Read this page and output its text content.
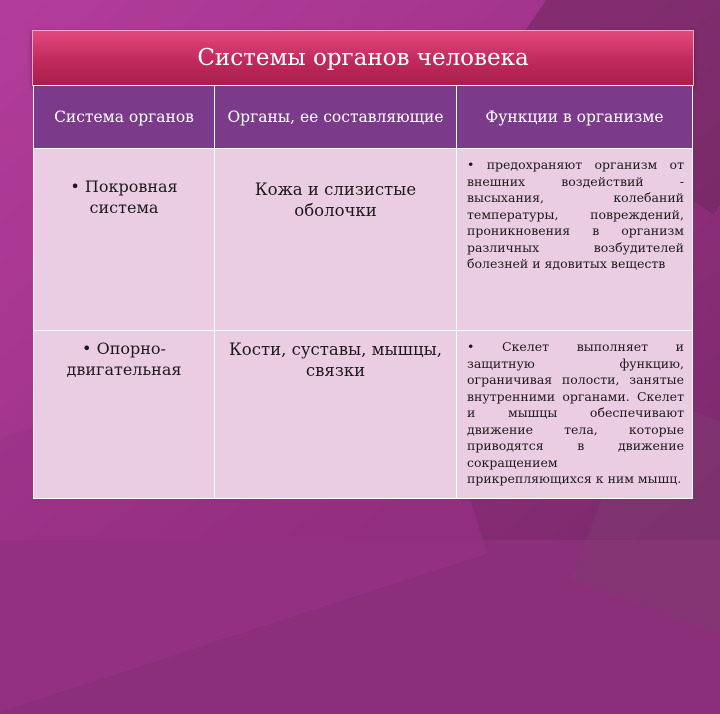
Системы органов человека
Система органов	Органы, ее составляющие	Функции в организме
• Покровная система	Кожа и слизистые оболочки	• предохраняют организм от внешних воздействий - высыхания, колебаний температуры, повреждений, проникновения в организм различных возбудителей болезней и ядовитых веществ
• Опорно-двигательная	Кости, суставы, мышцы, связки	• Скелет выполняет и защитную функцию, ограничивая полости, занятые внутренними органами. Скелет и мышцы обеспечивают движение тела, которые приводятся в движение сокращением прикрепляющихся к ним мышц.
